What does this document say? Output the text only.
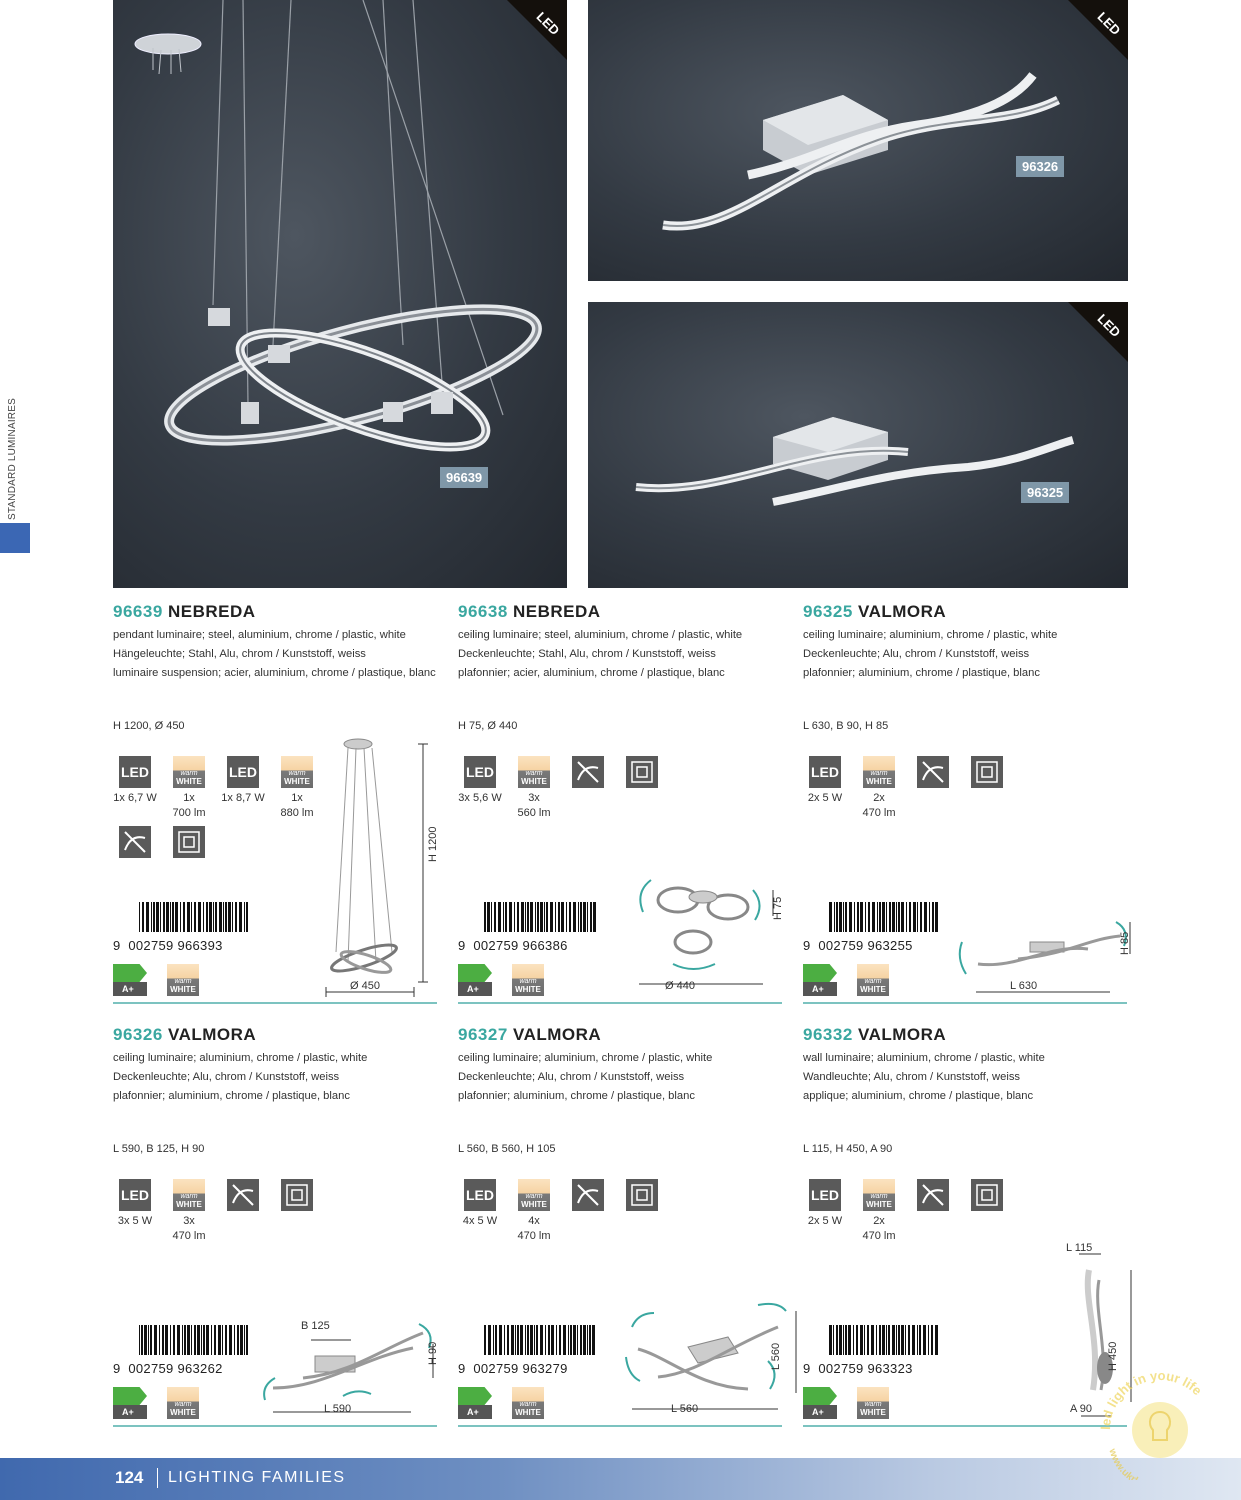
STANDARD LUMINAIRES
LED
96639
LED
96326
LED
96325
96639 NEBREDA
pendant luminaire; steel, aluminium, chrome / plastic, white
Hängeleuchte; Stahl, Alu, chrom / Kunststoff, weiss
luminaire suspension; acier, aluminium, chrome / plastique, blanc
H 1200, Ø 450
LED
1x 6,7 W
warm
WHITE
1x
700 lm
LED
1x 8,7 W
warm
WHITE
1x
880 lm
9 002759 966393
A+
warm
WHITE
H 1200
Ø 450
96638 NEBREDA
ceiling luminaire; steel, aluminium, chrome / plastic, white
Deckenleuchte; Stahl, Alu, chrom / Kunststoff, weiss
plafonnier; acier, aluminium, chrome / plastique, blanc
H 75, Ø 440
LED
3x 5,6 W
warm
WHITE
3x
560 lm
9 002759 966386
A+
warm
WHITE
H 75
Ø 440
96325 VALMORA
ceiling luminaire; aluminium, chrome / plastic, white
Deckenleuchte; Alu, chrom / Kunststoff, weiss
plafonnier; aluminium, chrome / plastique, blanc
L 630, B 90, H 85
LED
2x 5 W
warm
WHITE
2x
470 lm
9 002759 963255
A+
warm
WHITE
H 85
L 630
96326 VALMORA
ceiling luminaire; aluminium, chrome / plastic, white
Deckenleuchte; Alu, chrom / Kunststoff, weiss
plafonnier; aluminium, chrome / plastique, blanc
L 590, B 125, H 90
LED
3x 5 W
warm
WHITE
3x
470 lm
9 002759 963262
A+
warm
WHITE
H 90
L 590
B 125
96327 VALMORA
ceiling luminaire; aluminium, chrome / plastic, white
Deckenleuchte; Alu, chrom / Kunststoff, weiss
plafonnier; aluminium, chrome / plastique, blanc
L 560, B 560, H 105
LED
4x 5 W
warm
WHITE
4x
470 lm
9 002759 963279
A+
warm
WHITE
L 560
L 560
96332 VALMORA
wall luminaire; aluminium, chrome / plastic, white
Wandleuchte; Alu, chrom / Kunststoff, weiss
applique; aluminium, chrome / plastique, blanc
L 115, H 450, A 90
LED
2x 5 W
warm
WHITE
2x
470 lm
9 002759 963323
A+
warm
WHITE
H 450
A 90
L 115
124 LIGHTING FAMILIES
led light in your life
www.ukr
